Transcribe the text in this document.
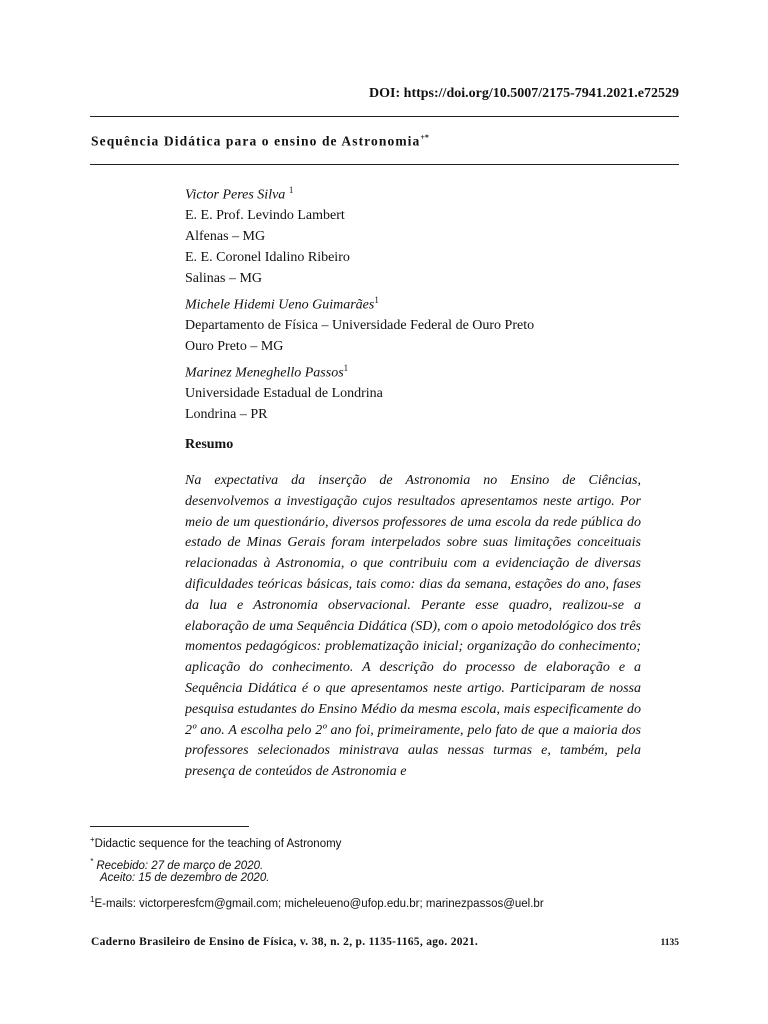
DOI: https://doi.org/10.5007/2175-7941.2021.e72529
Sequência Didática para o ensino de Astronomia+*
Victor Peres Silva $^1$
E. E. Prof. Levindo Lambert
Alfenas – MG
E. E. Coronel Idalino Ribeiro
Salinas – MG
Michele Hidemi Ueno Guimarães$^1$
Departamento de Física – Universidade Federal de Ouro Preto
Ouro Preto – MG
Marinez Meneghello Passos$^1$
Universidade Estadual de Londrina
Londrina – PR
Resumo
Na expectativa da inserção de Astronomia no Ensino de Ciências, desenvolvemos a investigação cujos resultados apresentamos neste artigo. Por meio de um questionário, diversos professores de uma escola da rede pública do estado de Minas Gerais foram interpelados sobre suas limitações conceituais relacionadas à Astronomia, o que contribuiu com a evidenciação de diversas dificuldades teóricas básicas, tais como: dias da semana, estações do ano, fases da lua e Astronomia observacional. Perante esse quadro, realizou-se a elaboração de uma Sequência Didática (SD), com o apoio metodológico dos três momentos pedagógicos: problematização inicial; organização do conhecimento; aplicação do conhecimento. A descrição do processo de elaboração e a Sequência Didática é o que apresentamos neste artigo. Participaram de nossa pesquisa estudantes do Ensino Médio da mesma escola, mais especificamente do 2º ano. A escolha pelo 2º ano foi, primeiramente, pelo fato de que a maioria dos professores selecionados ministrava aulas nessas turmas e, também, pela presença de conteúdos de Astronomia e
+Didactic sequence for the teaching of Astronomy
* Recebido: 27 de março de 2020.
Aceito: 15 de dezembro de 2020.
$^1$E-mails: victorperesfcm@gmail.com; micheleueno@ufop.edu.br; marinezpassos@uel.br
Caderno Brasileiro de Ensino de Física, v. 38, n. 2, p. 1135-1165, ago. 2021.	1135
